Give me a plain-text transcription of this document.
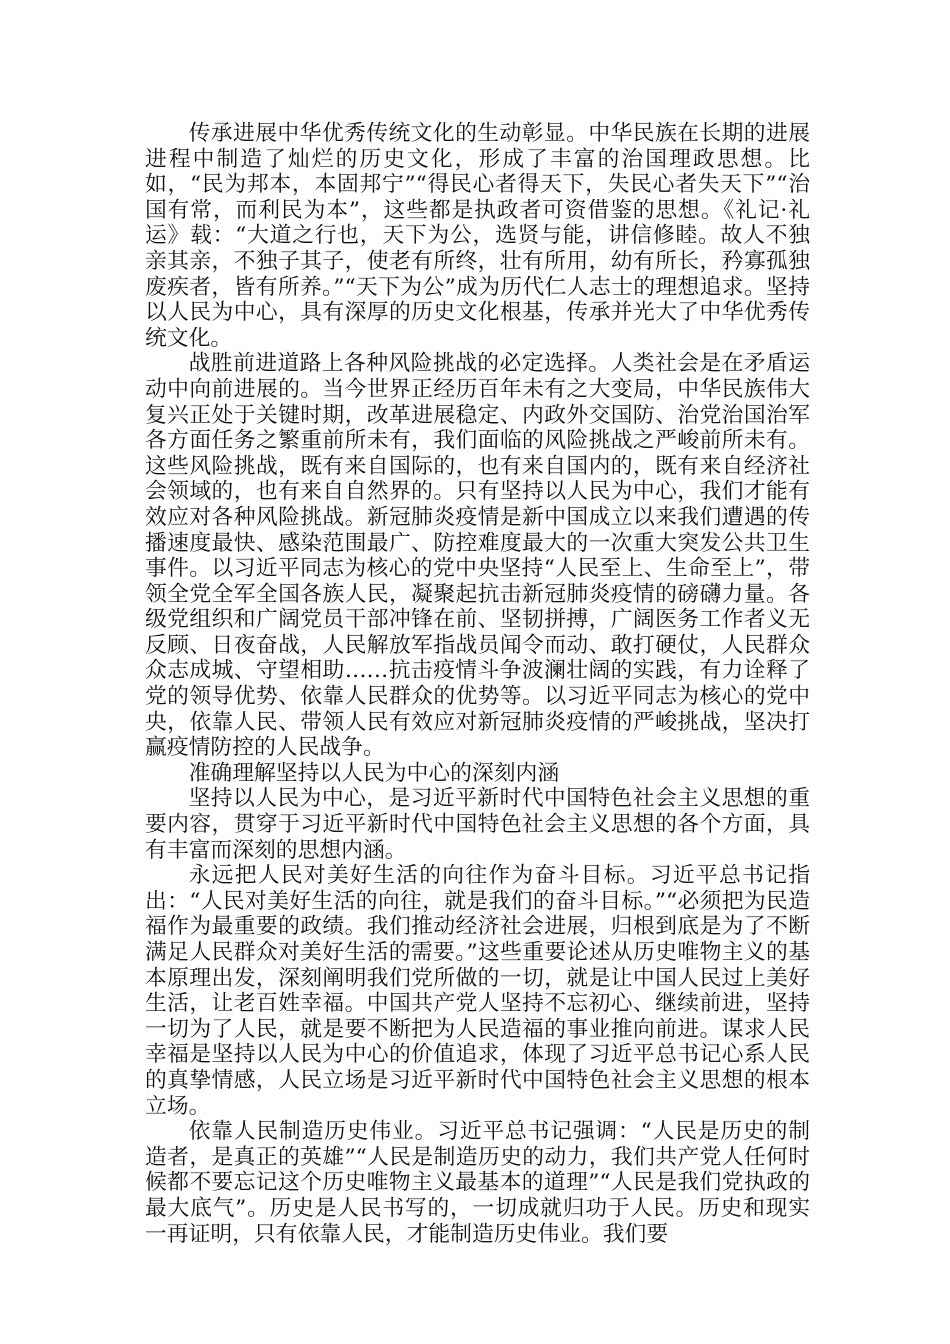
传承进展中华优秀传统文化的生动彰显。中华民族在长期的进展进程中制造了灿烂的历史文化，形成了丰富的治国理政思想。比如，“民为邦本，本固邦宁”“得民心者得天下，失民心者失天下”“治国有常，而利民为本”，这些都是执政者可资借鉴的思想。《礼记·礼运》载：“大道之行也，天下为公，选贤与能，讲信修睦。故人不独亲其亲，不独子其子，使老有所终，壮有所用，幼有所长，矜寡孤独废疾者，皆有所养。”“天下为公”成为历代仁人志士的理想追求。坚持以人民为中心，具有深厚的历史文化根基，传承并光大了中华优秀传统文化。

战胜前进道路上各种风险挑战的必定选择。人类社会是在矛盾运动中向前进展的。当今世界正经历百年未有之大变局，中华民族伟大复兴正处于关键时期，改革进展稳定、内政外交国防、治党治国治军各方面任务之繁重前所未有，我们面临的风险挑战之严峻前所未有。这些风险挑战，既有来自国际的，也有来自国内的，既有来自经济社会领域的，也有来自自然界的。只有坚持以人民为中心，我们才能有效应对各种风险挑战。新冠肺炎疫情是新中国成立以来我们遭遇的传播速度最快、感染范围最广、防控难度最大的一次重大突发公共卫生事件。以习近平同志为核心的党中央坚持“人民至上、生命至上”，带领全党全军全国各族人民，凝聚起抗击新冠肺炎疫情的磅礴力量。各级党组织和广阔党员干部冲锋在前、坚韧拼搏，广阔医务工作者义无反顾、日夜奋战，人民解放军指战员闻令而动、敢打硬仗，人民群众众志成城、守望相助……抗击疫情斗争波澜壮阔的实践，有力诠释了党的领导优势、依靠人民群众的优势等。以习近平同志为核心的党中央，依靠人民、带领人民有效应对新冠肺炎疫情的严峻挑战，坚决打赢疫情防控的人民战争。

准确理解坚持以人民为中心的深刻内涵

坚持以人民为中心，是习近平新时代中国特色社会主义思想的重要内容，贯穿于习近平新时代中国特色社会主义思想的各个方面，具有丰富而深刻的思想内涵。

永远把人民对美好生活的向往作为奋斗目标。习近平总书记指出：“人民对美好生活的向往，就是我们的奋斗目标。”“必须把为民造福作为最重要的政绩。我们推动经济社会进展，归根到底是为了不断满足人民群众对美好生活的需要。”这些重要论述从历史唯物主义的基本原理出发，深刻阐明我们党所做的一切，就是让中国人民过上美好生活，让老百姓幸福。中国共产党人坚持不忘初心、继续前进，坚持一切为了人民，就是要不断把为人民造福的事业推向前进。谋求人民幸福是坚持以人民为中心的价值追求，体现了习近平总书记心系人民的真挚情感，人民立场是习近平新时代中国特色社会主义思想的根本立场。

依靠人民制造历史伟业。习近平总书记强调：“人民是历史的制造者，是真正的英雄”“人民是制造历史的动力，我们共产党人任何时候都不要忘记这个历史唯物主义最基本的道理”“人民是我们党执政的最大底气”。历史是人民书写的，一切成就归功于人民。历史和现实一再证明，只有依靠人民，才能制造历史伟业。我们要
